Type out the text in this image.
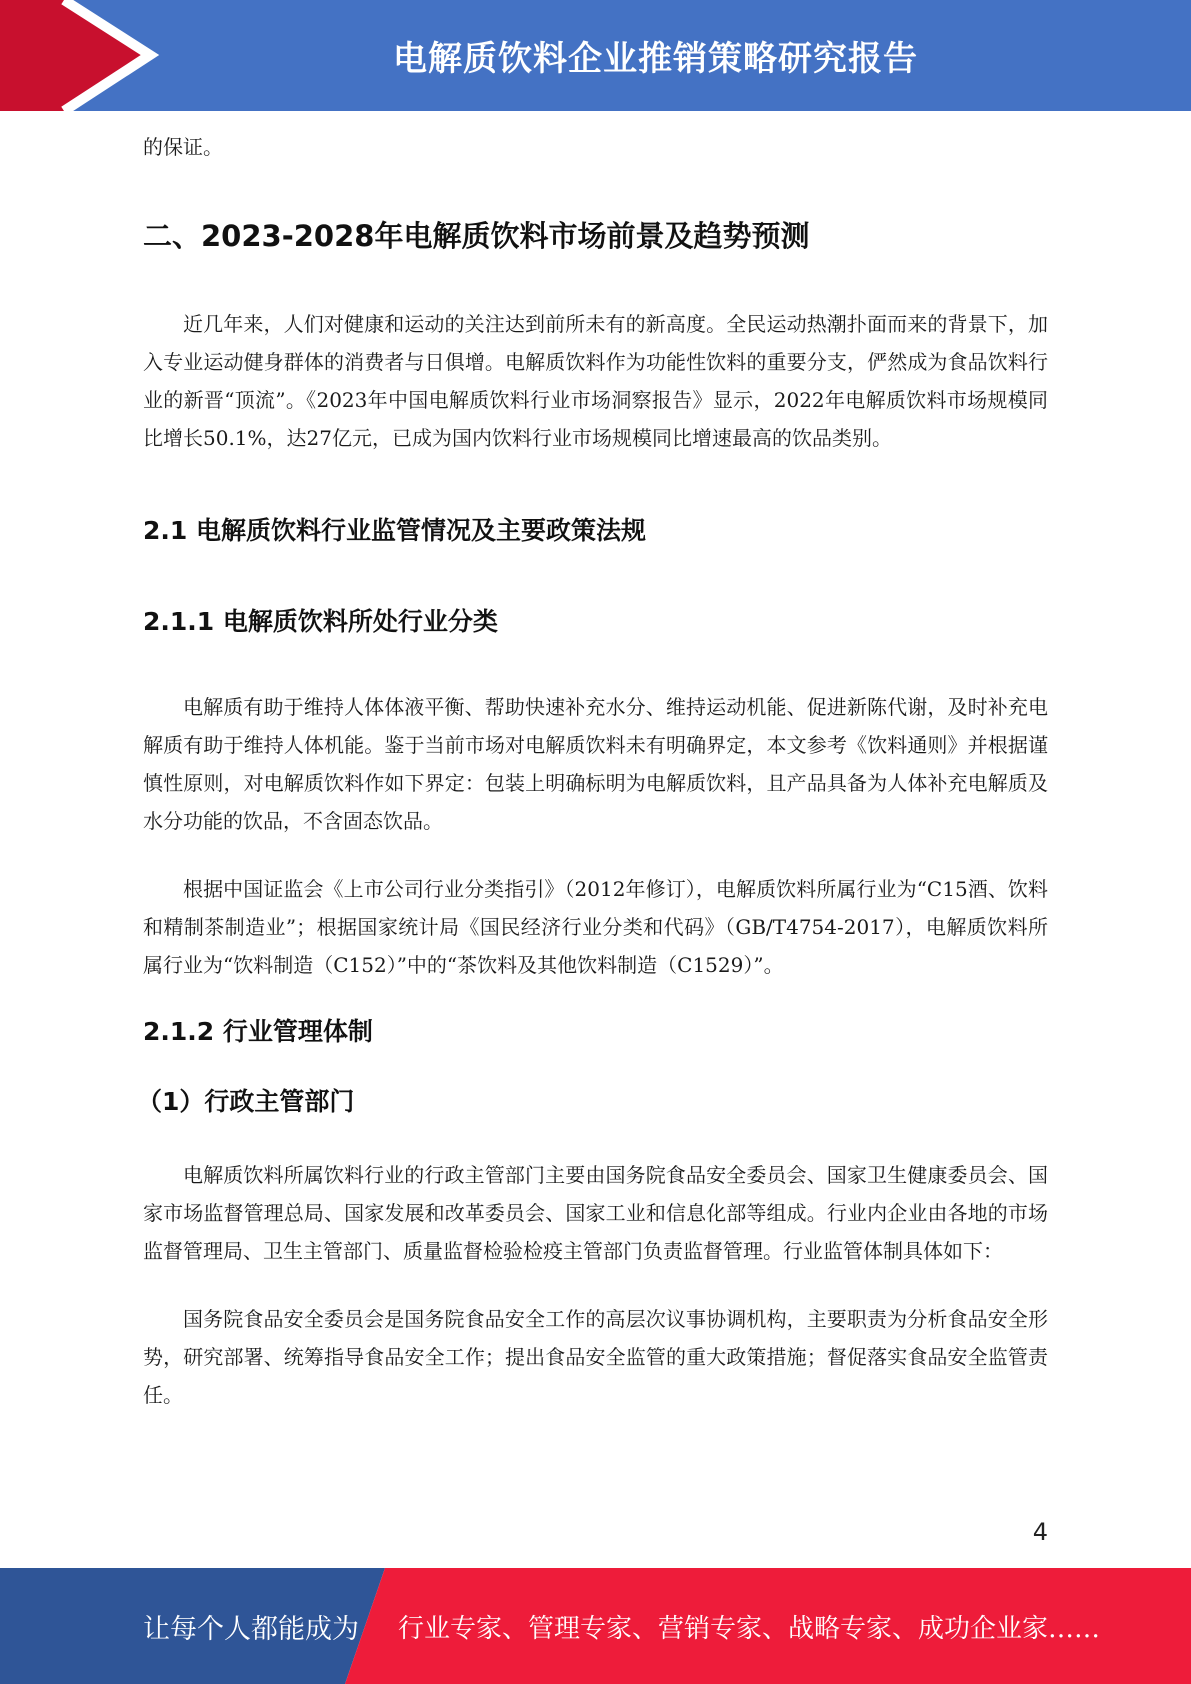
电解质饮料企业推销策略研究报告

的保证。

二、2023-2028年电解质饮料市场前景及趋势预测

近几年来，人们对健康和运动的关注达到前所未有的新高度。全民运动热潮扑面而来的背景下，加入专业运动健身群体的消费者与日俱增。电解质饮料作为功能性饮料的重要分支，俨然成为食品饮料行业的新晋“顶流”。《2023年中国电解质饮料行业市场洞察报告》显示，2022年电解质饮料市场规模同比增长50.1%，达27亿元，已成为国内饮料行业市场规模同比增速最高的饮品类别。

2.1 电解质饮料行业监管情况及主要政策法规
2.1.1 电解质饮料所处行业分类

电解质有助于维持人体体液平衡、帮助快速补充水分、维持运动机能、促进新陈代谢，及时补充电解质有助于维持人体机能。鉴于当前市场对电解质饮料未有明确界定，本文参考《饮料通则》并根据谨慎性原则，对电解质饮料作如下界定：包装上明确标明为电解质饮料，且产品具备为人体补充电解质及水分功能的饮品，不含固态饮品。

根据中国证监会《上市公司行业分类指引》（2012年修订），电解质饮料所属行业为“C15酒、饮料和精制茶制造业”；根据国家统计局《国民经济行业分类和代码》（GB/T4754-2017），电解质饮料所属行业为“饮料制造（C152）”中的“茶饮料及其他饮料制造（C1529）”。

2.1.2 行业管理体制
（1）行政主管部门

电解质饮料所属饮料行业的行政主管部门主要由国务院食品安全委员会、国家卫生健康委员会、国家市场监督管理总局、国家发展和改革委员会、国家工业和信息化部等组成。行业内企业由各地的市场监督管理局、卫生主管部门、质量监督检验检疫主管部门负责监督管理。行业监管体制具体如下：

国务院食品安全委员会是国务院食品安全工作的高层次议事协调机构，主要职责为分析食品安全形势，研究部署、统筹指导食品安全工作；提出食品安全监管的重大政策措施；督促落实食品安全监管责任。

4
让每个人都能成为 行业专家、管理专家、营销专家、战略专家、成功企业家……
